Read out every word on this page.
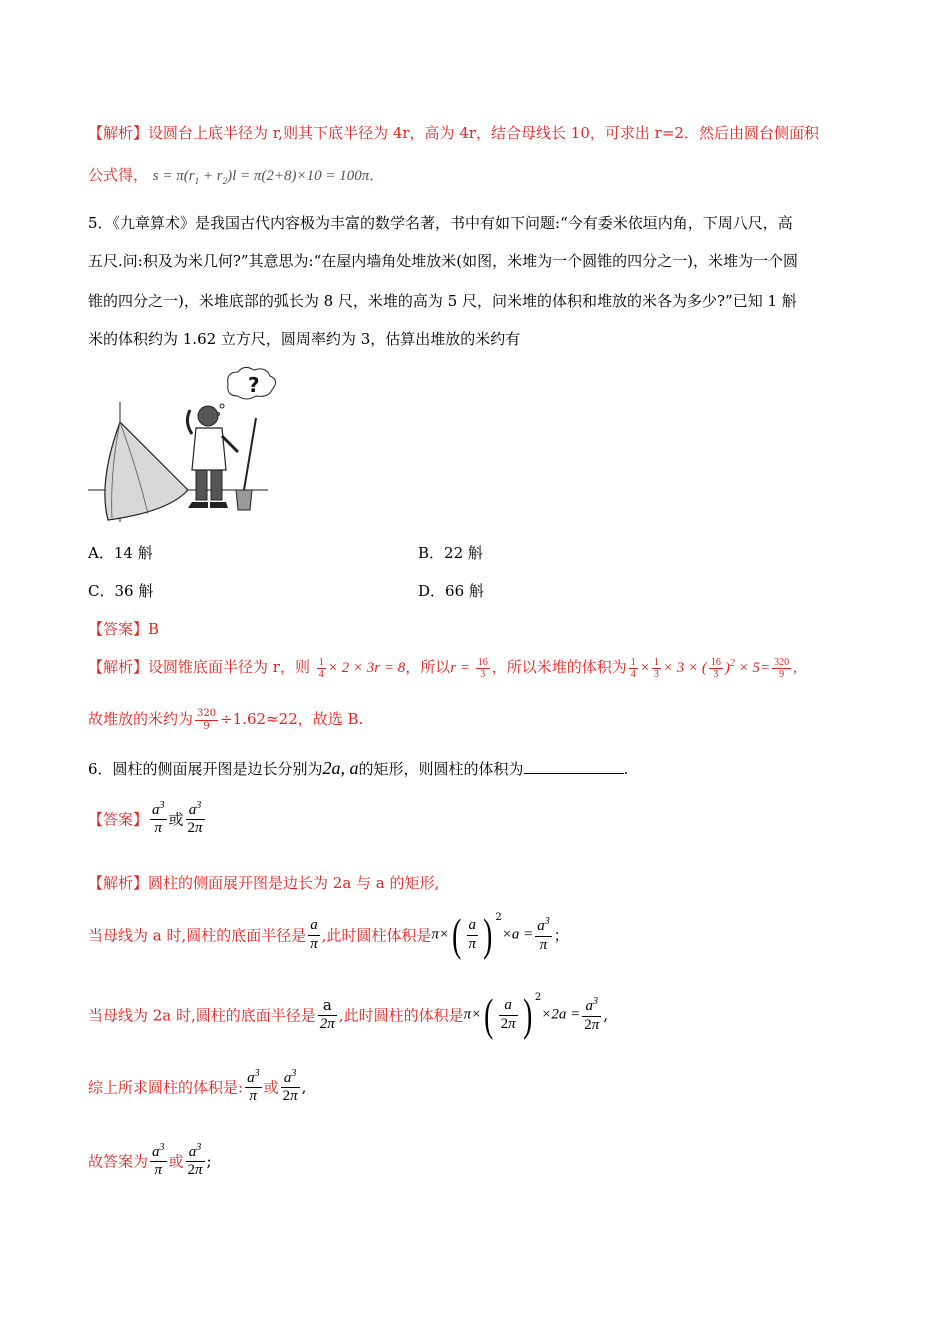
【解析】设圆台上底半径为 r,则其下底半径为 4r，高为 4r，结合母线长 10，可求出 r=2．然后由圆台侧面积
公式得， $s = \pi(r_1 + r_2)l = \pi(2+8)\times 10 = 100\pi$．
5．《九章算术》是我国古代内容极为丰富的数学名著，书中有如下问题:“今有委米依垣内角，下周八尺，高
五尺.问:积及为米几何?”其意思为:“在屋内墙角处堆放米(如图，米堆为一个圆锥的四分之一)，米堆为一个圆
锥的四分之一)，米堆底部的弧长为 8 尺，米堆的高为 5 尺，问米堆的体积和堆放的米各为多少?”已知 1 斛
米的体积约为 1.62 立方尺，圆周率约为 3，估算出堆放的米约有
?
A．14 斛	B．22 斛
C．36 斛	D．66 斛
【答案】B
【解析】设圆锥底面半径为 r，则 $\frac{1}{4} \times 2 \times 3r = 8$，所以$r = \frac{16}{3}$ ，所以米堆的体积为 $\frac{1}{4} \times \frac{1}{3} \times 3$ × ( $\frac{16}{3} )^2 \times 5= \frac{320}{9}$ ,
故堆放的米约为 $\frac{320}{9} \div 1.62\approx 22$，故选 B.
6．圆柱的侧面展开图是边长分别为2a, a的矩形，则圆柱的体积为	.
【答案】 $\frac{a^3}{\pi}$ 或 $\frac{a^3}{2\pi}$
【解析】圆柱的侧面展开图是边长为 2a 与 a 的矩形,
当母线为 a 时,圆柱的底面半径是 $\frac{a}{\pi}$ ,此时圆柱体积是$\pi\times( \frac{a}{\pi}$ ) $^2\times a = \frac{a^3}{\pi}$ ；
当母线为 2a 时,圆柱的底面半径是 $\frac{a}{2\pi}$ ,此时圆柱的体积是$\pi\times( \frac{a}{2\pi}$ ) $^2\times 2a = \frac{a^3}{2\pi}$ ,
综上所求圆柱的体积是: $\frac{a^3}{\pi}$ 或 $\frac{a^3}{2\pi}$ ,
故答案为 $\frac{a^3}{\pi}$ 或 $\frac{a^3}{2\pi}$ ;
